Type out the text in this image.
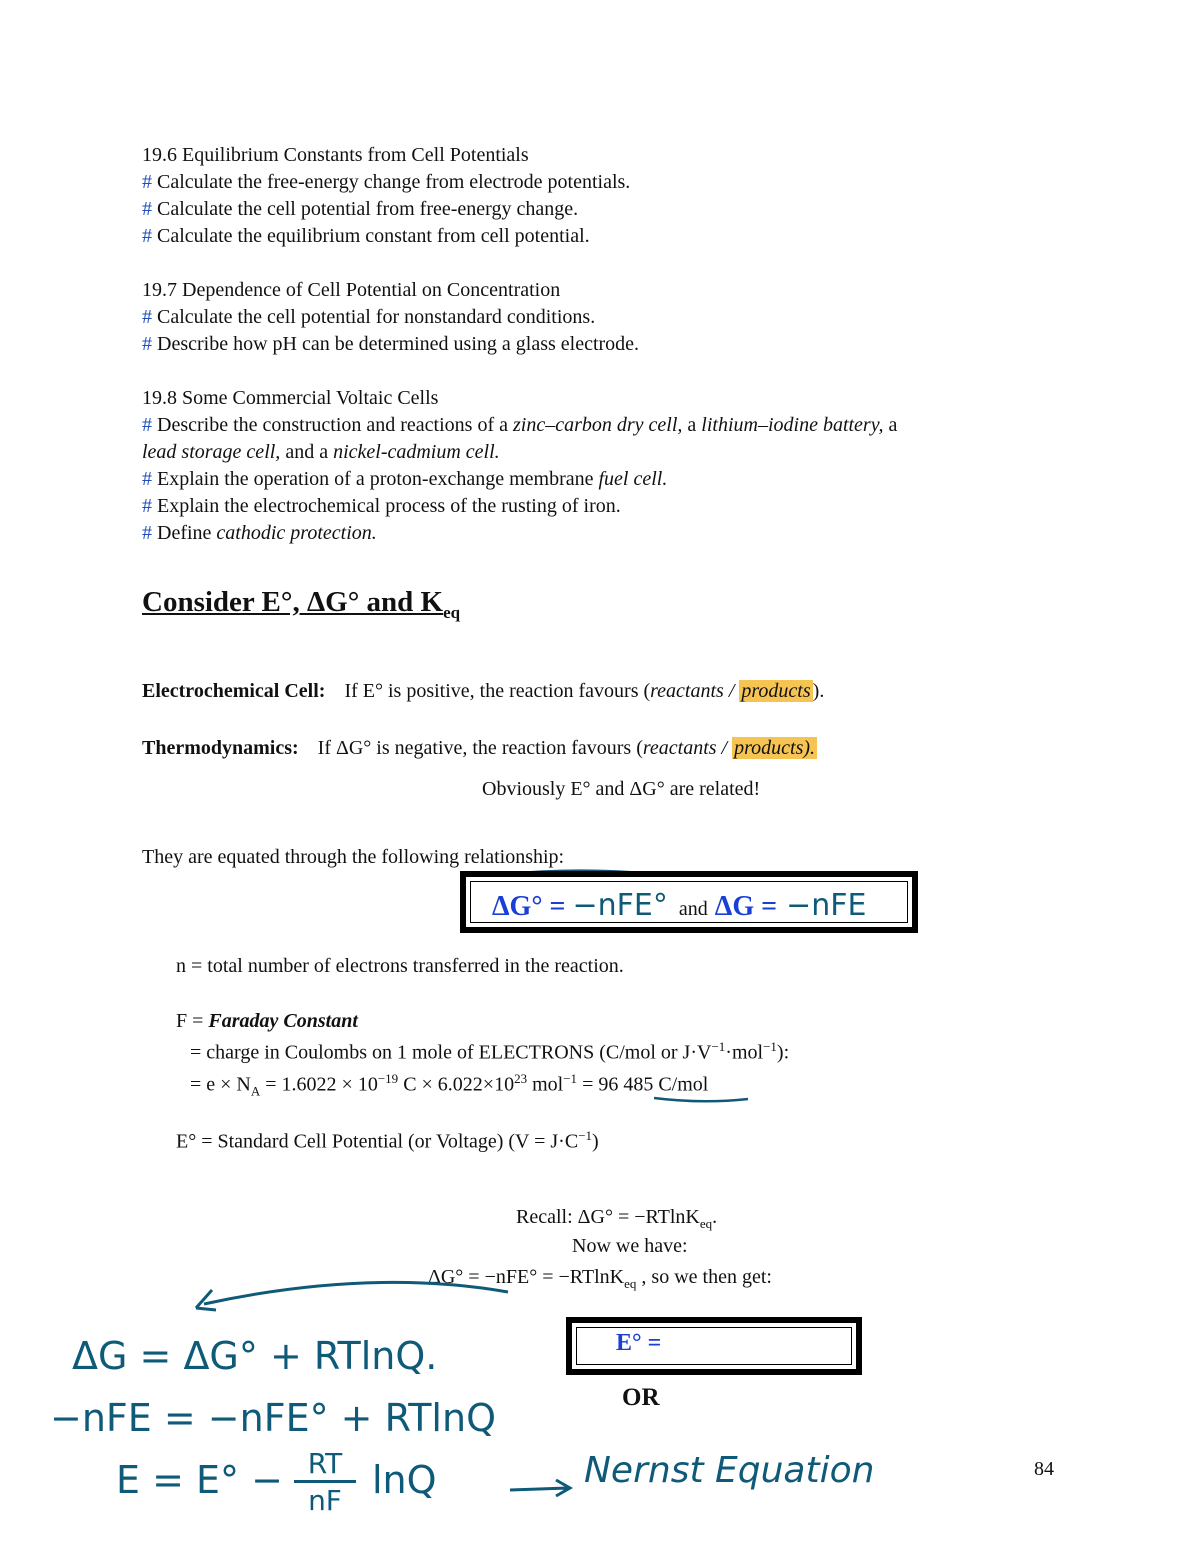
19.6 Equilibrium Constants from Cell Potentials
# Calculate the free-energy change from electrode potentials.
# Calculate the cell potential from free-energy change.
# Calculate the equilibrium constant from cell potential.
19.7 Dependence of Cell Potential on Concentration
# Calculate the cell potential for nonstandard conditions.
# Describe how pH can be determined using a glass electrode.
19.8 Some Commercial Voltaic Cells
# Describe the construction and reactions of a zinc–carbon dry cell, a lithium–iodine battery, a
lead storage cell, and a nickel-cadmium cell.
# Explain the operation of a proton-exchange membrane fuel cell.
# Explain the electrochemical process of the rusting of iron.
# Define cathodic protection.
Consider E°, ΔG° and $K_{eq}$
Electrochemical Cell: If E° is positive, the reaction favours (reactants / products ).
Thermodynamics: If ΔG° is negative, the reaction favours (reactants / products).
Obviously E° and ΔG° are related!
They are equated through the following relationship:
ΔG° = −nFE° and ΔG = −nFE
n = total number of electrons transferred in the reaction.
F = Faraday Constant
= charge in Coulombs on 1 mole of ELECTRONS (C/mol or $J\cdot V^{-1}\cdot mol^{-1}$):
= $e \times N_A = 1.6022 \times 10^{-19}$ $C \times 6.022\times 10^{23}$ mol$^{-1}$ = 96 485 C/mol
E° = Standard Cell Potential (or Voltage) $(V = J\cdot C^{-1})$
Recall: ΔG° = −RTlnK$_{eq}$.
Now we have:
ΔG° = −nFE° = −RTlnK$_{eq}$ , so we then get:
E° =
OR
84
ΔG = ΔG° + RTlnQ.
−nFE = −nFE° + RTlnQ
E = E° − RT
nF lnQ	Nernst Equation
